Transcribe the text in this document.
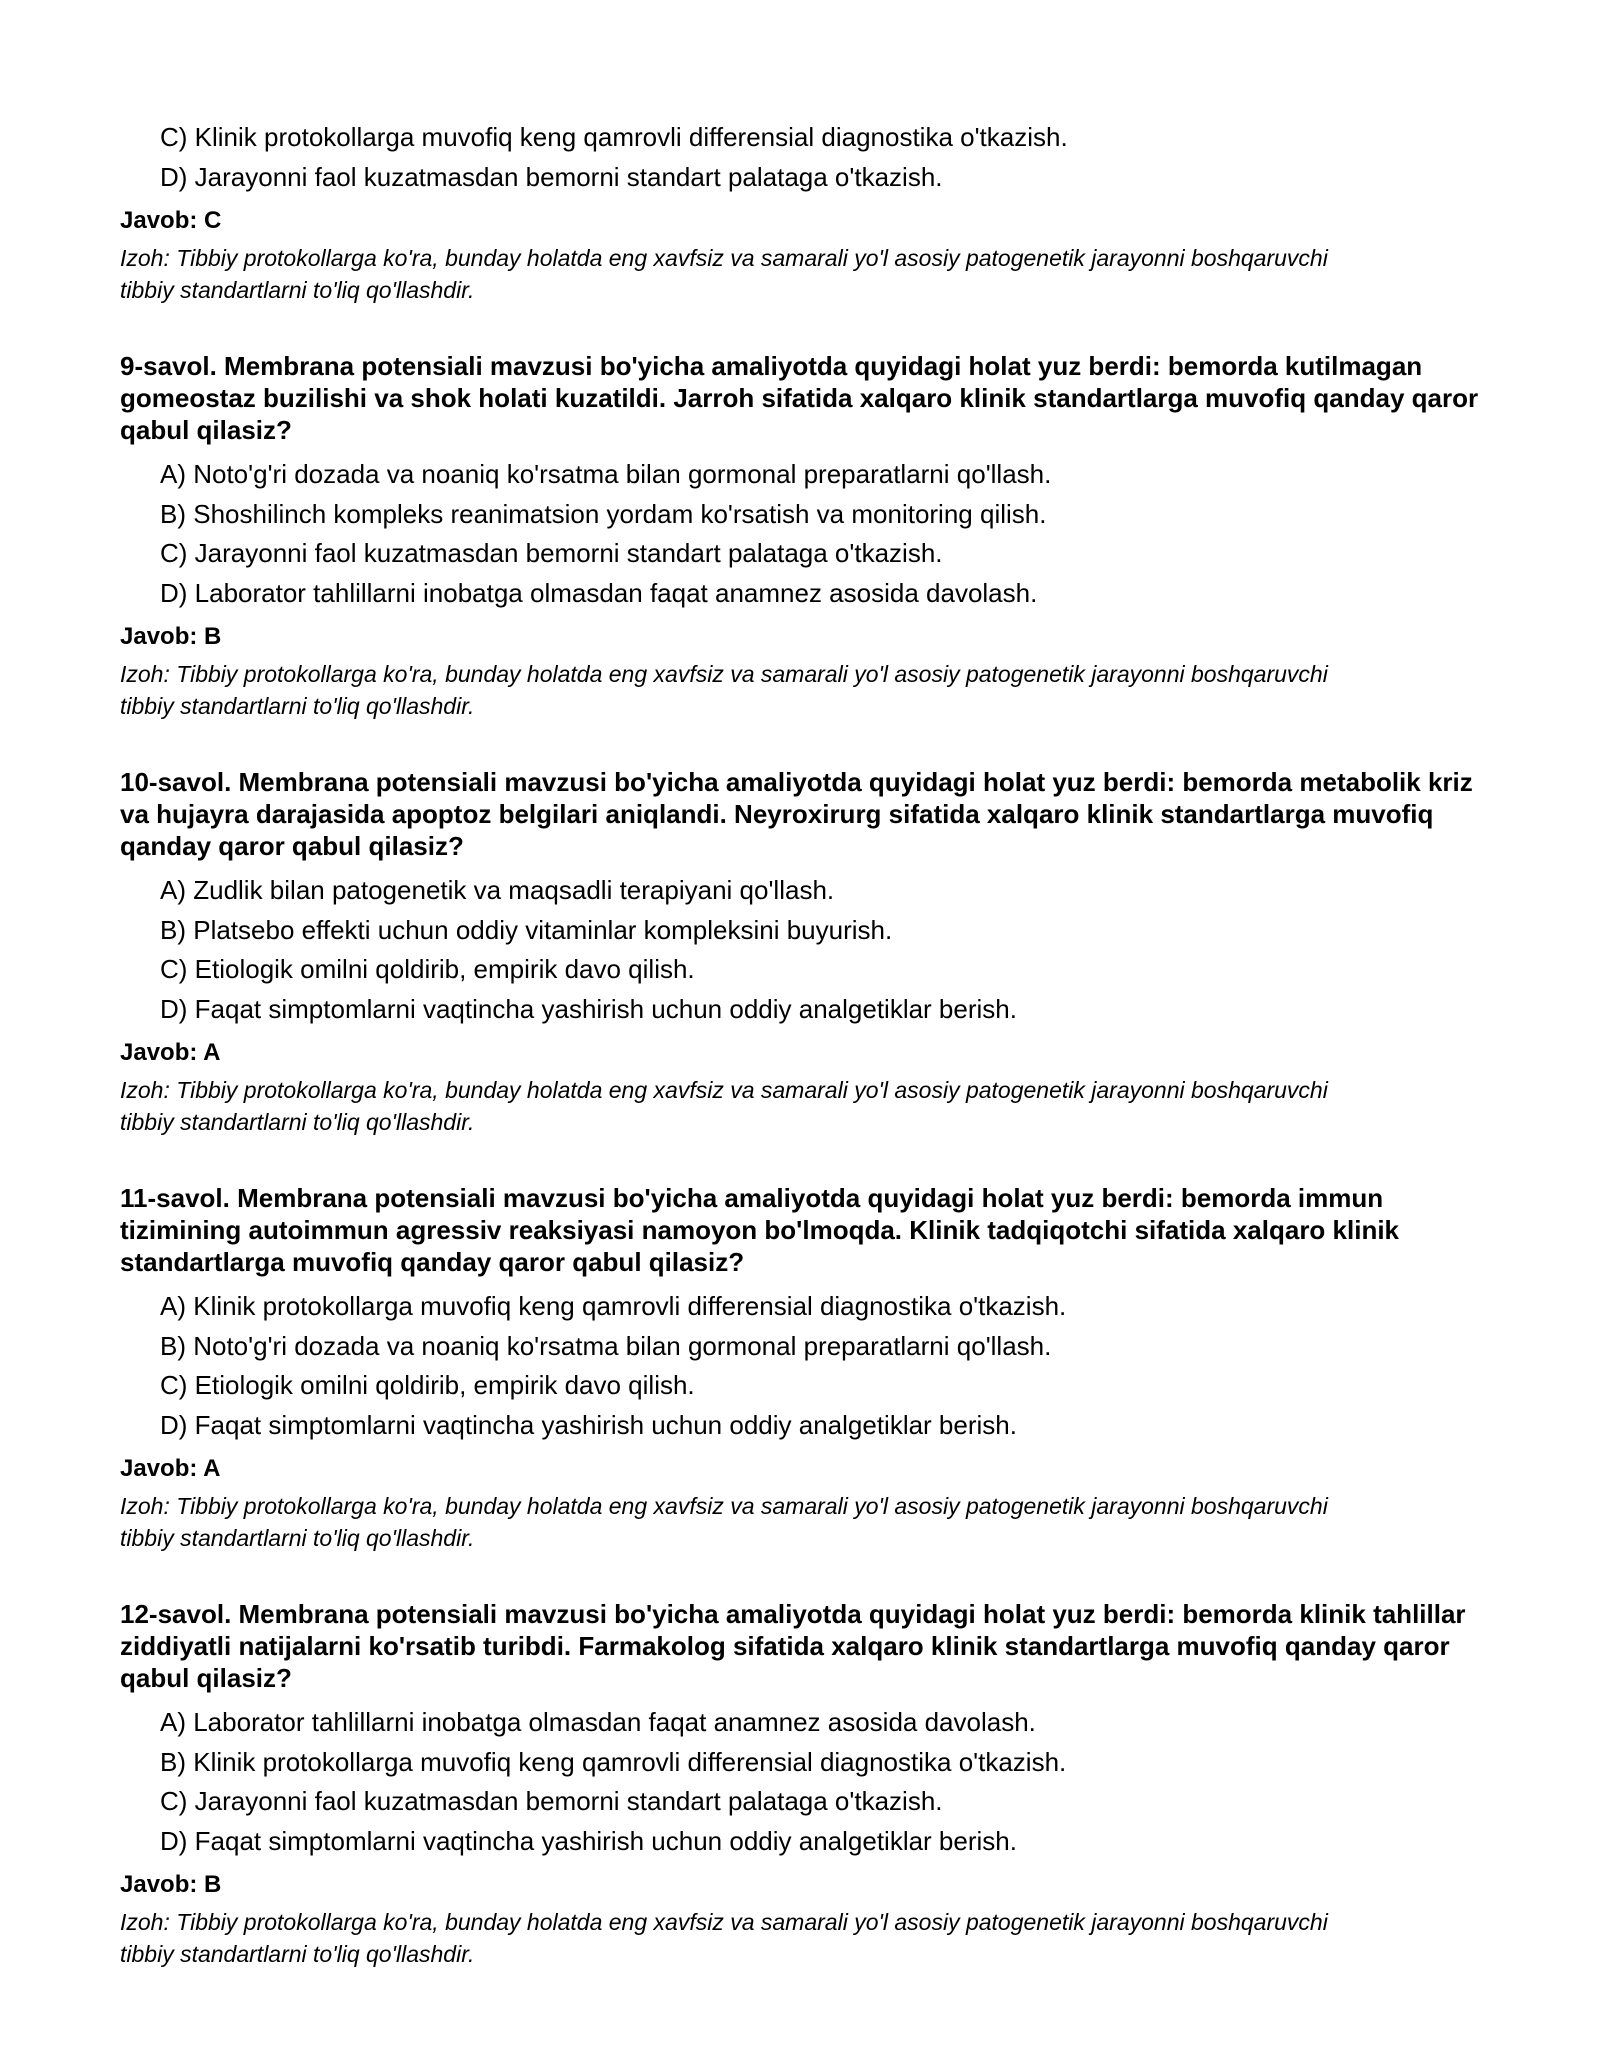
C) Klinik protokollarga muvofiq keng qamrovli differensial diagnostika o'tkazish.
D) Jarayonni faol kuzatmasdan bemorni standart palataga o'tkazish.
Javob: C
Izoh: Tibbiy protokollarga ko'ra, bunday holatda eng xavfsiz va samarali yo'l asosiy patogenetik jarayonni boshqaruvchi tibbiy standartlarni to'liq qo'llashdir.
9-savol. Membrana potensiali mavzusi bo'yicha amaliyotda quyidagi holat yuz berdi: bemorda kutilmagan gomeostaz buzilishi va shok holati kuzatildi. Jarroh sifatida xalqaro klinik standartlarga muvofiq qanday qaror qabul qilasiz?
A) Noto'g'ri dozada va noaniq ko'rsatma bilan gormonal preparatlarni qo'llash.
B) Shoshilinch kompleks reanimatsion yordam ko'rsatish va monitoring qilish.
C) Jarayonni faol kuzatmasdan bemorni standart palataga o'tkazish.
D) Laborator tahlillarni inobatga olmasdan faqat anamnez asosida davolash.
Javob: B
Izoh: Tibbiy protokollarga ko'ra, bunday holatda eng xavfsiz va samarali yo'l asosiy patogenetik jarayonni boshqaruvchi tibbiy standartlarni to'liq qo'llashdir.
10-savol. Membrana potensiali mavzusi bo'yicha amaliyotda quyidagi holat yuz berdi: bemorda metabolik kriz va hujayra darajasida apoptoz belgilari aniqlandi. Neyroxirurg sifatida xalqaro klinik standartlarga muvofiq qanday qaror qabul qilasiz?
A) Zudlik bilan patogenetik va maqsadli terapiyani qo'llash.
B) Platsebo effekti uchun oddiy vitaminlar kompleksini buyurish.
C) Etiologik omilni qoldirib, empirik davo qilish.
D) Faqat simptomlarni vaqtincha yashirish uchun oddiy analgetiklar berish.
Javob: A
Izoh: Tibbiy protokollarga ko'ra, bunday holatda eng xavfsiz va samarali yo'l asosiy patogenetik jarayonni boshqaruvchi tibbiy standartlarni to'liq qo'llashdir.
11-savol. Membrana potensiali mavzusi bo'yicha amaliyotda quyidagi holat yuz berdi: bemorda immun tizimining autoimmun agressiv reaksiyasi namoyon bo'lmoqda. Klinik tadqiqotchi sifatida xalqaro klinik standartlarga muvofiq qanday qaror qabul qilasiz?
A) Klinik protokollarga muvofiq keng qamrovli differensial diagnostika o'tkazish.
B) Noto'g'ri dozada va noaniq ko'rsatma bilan gormonal preparatlarni qo'llash.
C) Etiologik omilni qoldirib, empirik davo qilish.
D) Faqat simptomlarni vaqtincha yashirish uchun oddiy analgetiklar berish.
Javob: A
Izoh: Tibbiy protokollarga ko'ra, bunday holatda eng xavfsiz va samarali yo'l asosiy patogenetik jarayonni boshqaruvchi tibbiy standartlarni to'liq qo'llashdir.
12-savol. Membrana potensiali mavzusi bo'yicha amaliyotda quyidagi holat yuz berdi: bemorda klinik tahlillar ziddiyatli natijalarni ko'rsatib turibdi. Farmakolog sifatida xalqaro klinik standartlarga muvofiq qanday qaror qabul qilasiz?
A) Laborator tahlillarni inobatga olmasdan faqat anamnez asosida davolash.
B) Klinik protokollarga muvofiq keng qamrovli differensial diagnostika o'tkazish.
C) Jarayonni faol kuzatmasdan bemorni standart palataga o'tkazish.
D) Faqat simptomlarni vaqtincha yashirish uchun oddiy analgetiklar berish.
Javob: B
Izoh: Tibbiy protokollarga ko'ra, bunday holatda eng xavfsiz va samarali yo'l asosiy patogenetik jarayonni boshqaruvchi tibbiy standartlarni to'liq qo'llashdir.
